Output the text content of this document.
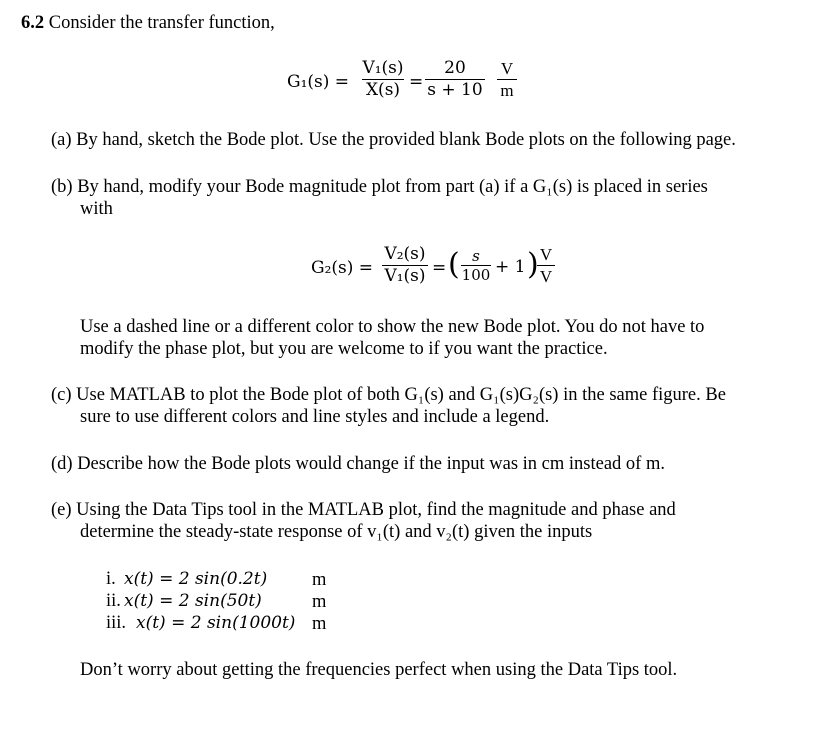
6.2 Consider the transfer function,
G₁(s) =
V₁(s)
X(s) =
20
s + 10
V
m
(a) By hand, sketch the Bode plot. Use the provided blank Bode plots on the following page.
(b) By hand, modify your Bode magnitude plot from part (a) if a G₁(s) is placed in series
with
G₂(s) =
V₂(s)
V₁(s) = ( s
100 + 1 ) V
V
Use a dashed line or a different color to show the new Bode plot. You do not have to
modify the phase plot, but you are welcome to if you want the practice.
(c) Use MATLAB to plot the Bode plot of both G₁(s) and G₁(s)G₂(s) in the same figure. Be
sure to use different colors and line styles and include a legend.
(d) Describe how the Bode plots would change if the input was in cm instead of m.
(e) Using the Data Tips tool in the MATLAB plot, find the magnitude and phase and
determine the steady-state response of v₁(t) and v₂(t) given the inputs
i. x(t) = 2 sin(0.2t) m
ii. x(t) = 2 sin(50t)	m
iii. x(t) = 2 sin(1000t) m
Don’t worry about getting the frequencies perfect when using the Data Tips tool.
